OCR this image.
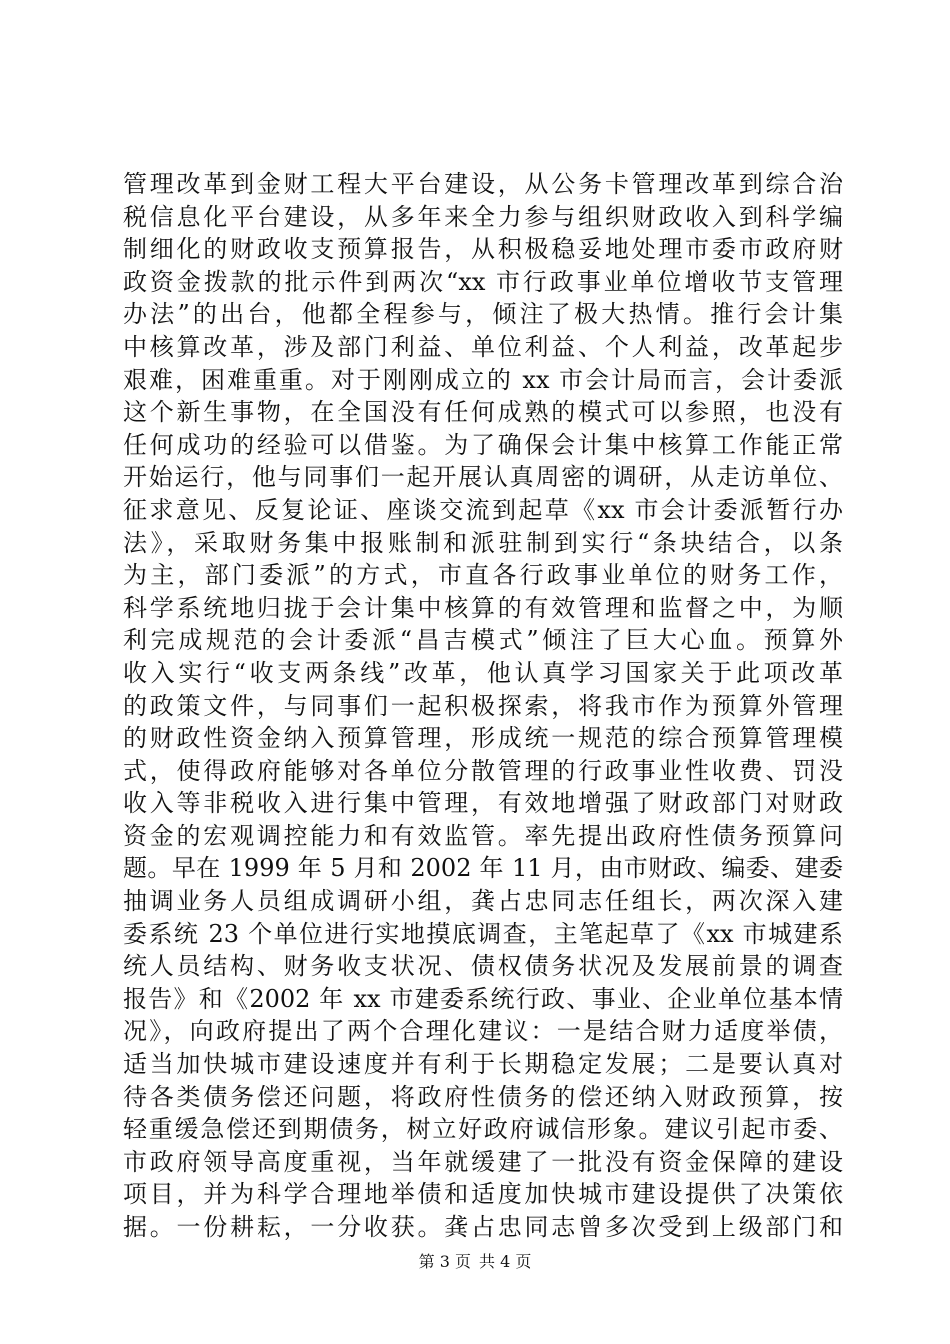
管理改革到金财工程大平台建设，从公务卡管理改革到综合治
税信息化平台建设，从多年来全力参与组织财政收入到科学编
制细化的财政收支预算报告，从积极稳妥地处理市委市政府财
政资金拨款的批示件到两次“xx 市行政事业单位增收节支管理
办法”的出台，他都全程参与，倾注了极大热情。推行会计集
中核算改革，涉及部门利益、单位利益、个人利益，改革起步
艰难，困难重重。对于刚刚成立的 xx 市会计局而言，会计委派
这个新生事物，在全国没有任何成熟的模式可以参照，也没有
任何成功的经验可以借鉴。为了确保会计集中核算工作能正常
开始运行，他与同事们一起开展认真周密的调研，从走访单位、
征求意见、反复论证、座谈交流到起草《xx 市会计委派暂行办
法》，采取财务集中报账制和派驻制到实行“条块结合，以条
为主，部门委派”的方式，市直各行政事业单位的财务工作，
科学系统地归拢于会计集中核算的有效管理和监督之中，为顺
利完成规范的会计委派“昌吉模式”倾注了巨大心血。预算外
收入实行“收支两条线”改革，他认真学习国家关于此项改革
的政策文件，与同事们一起积极探索，将我市作为预算外管理
的财政性资金纳入预算管理，形成统一规范的综合预算管理模
式，使得政府能够对各单位分散管理的行政事业性收费、罚没
收入等非税收入进行集中管理，有效地增强了财政部门对财政
资金的宏观调控能力和有效监管。率先提出政府性债务预算问
题。早在 1999 年 5 月和 2002 年 11 月，由市财政、编委、建委
抽调业务人员组成调研小组，龚占忠同志任组长，两次深入建
委系统 23 个单位进行实地摸底调查，主笔起草了《xx 市城建系
统人员结构、财务收支状况、债权债务状况及发展前景的调查
报告》和《2002 年 xx 市建委系统行政、事业、企业单位基本情
况》，向政府提出了两个合理化建议：一是结合财力适度举债，
适当加快城市建设速度并有利于长期稳定发展；二是要认真对
待各类债务偿还问题，将政府性债务的偿还纳入财政预算，按
轻重缓急偿还到期债务，树立好政府诚信形象。建议引起市委、
市政府领导高度重视，当年就缓建了一批没有资金保障的建设
项目，并为科学合理地举债和适度加快城市建设提供了决策依
据。一份耕耘，一分收获。龚占忠同志曾多次受到上级部门和
第 3 页 共 4 页
